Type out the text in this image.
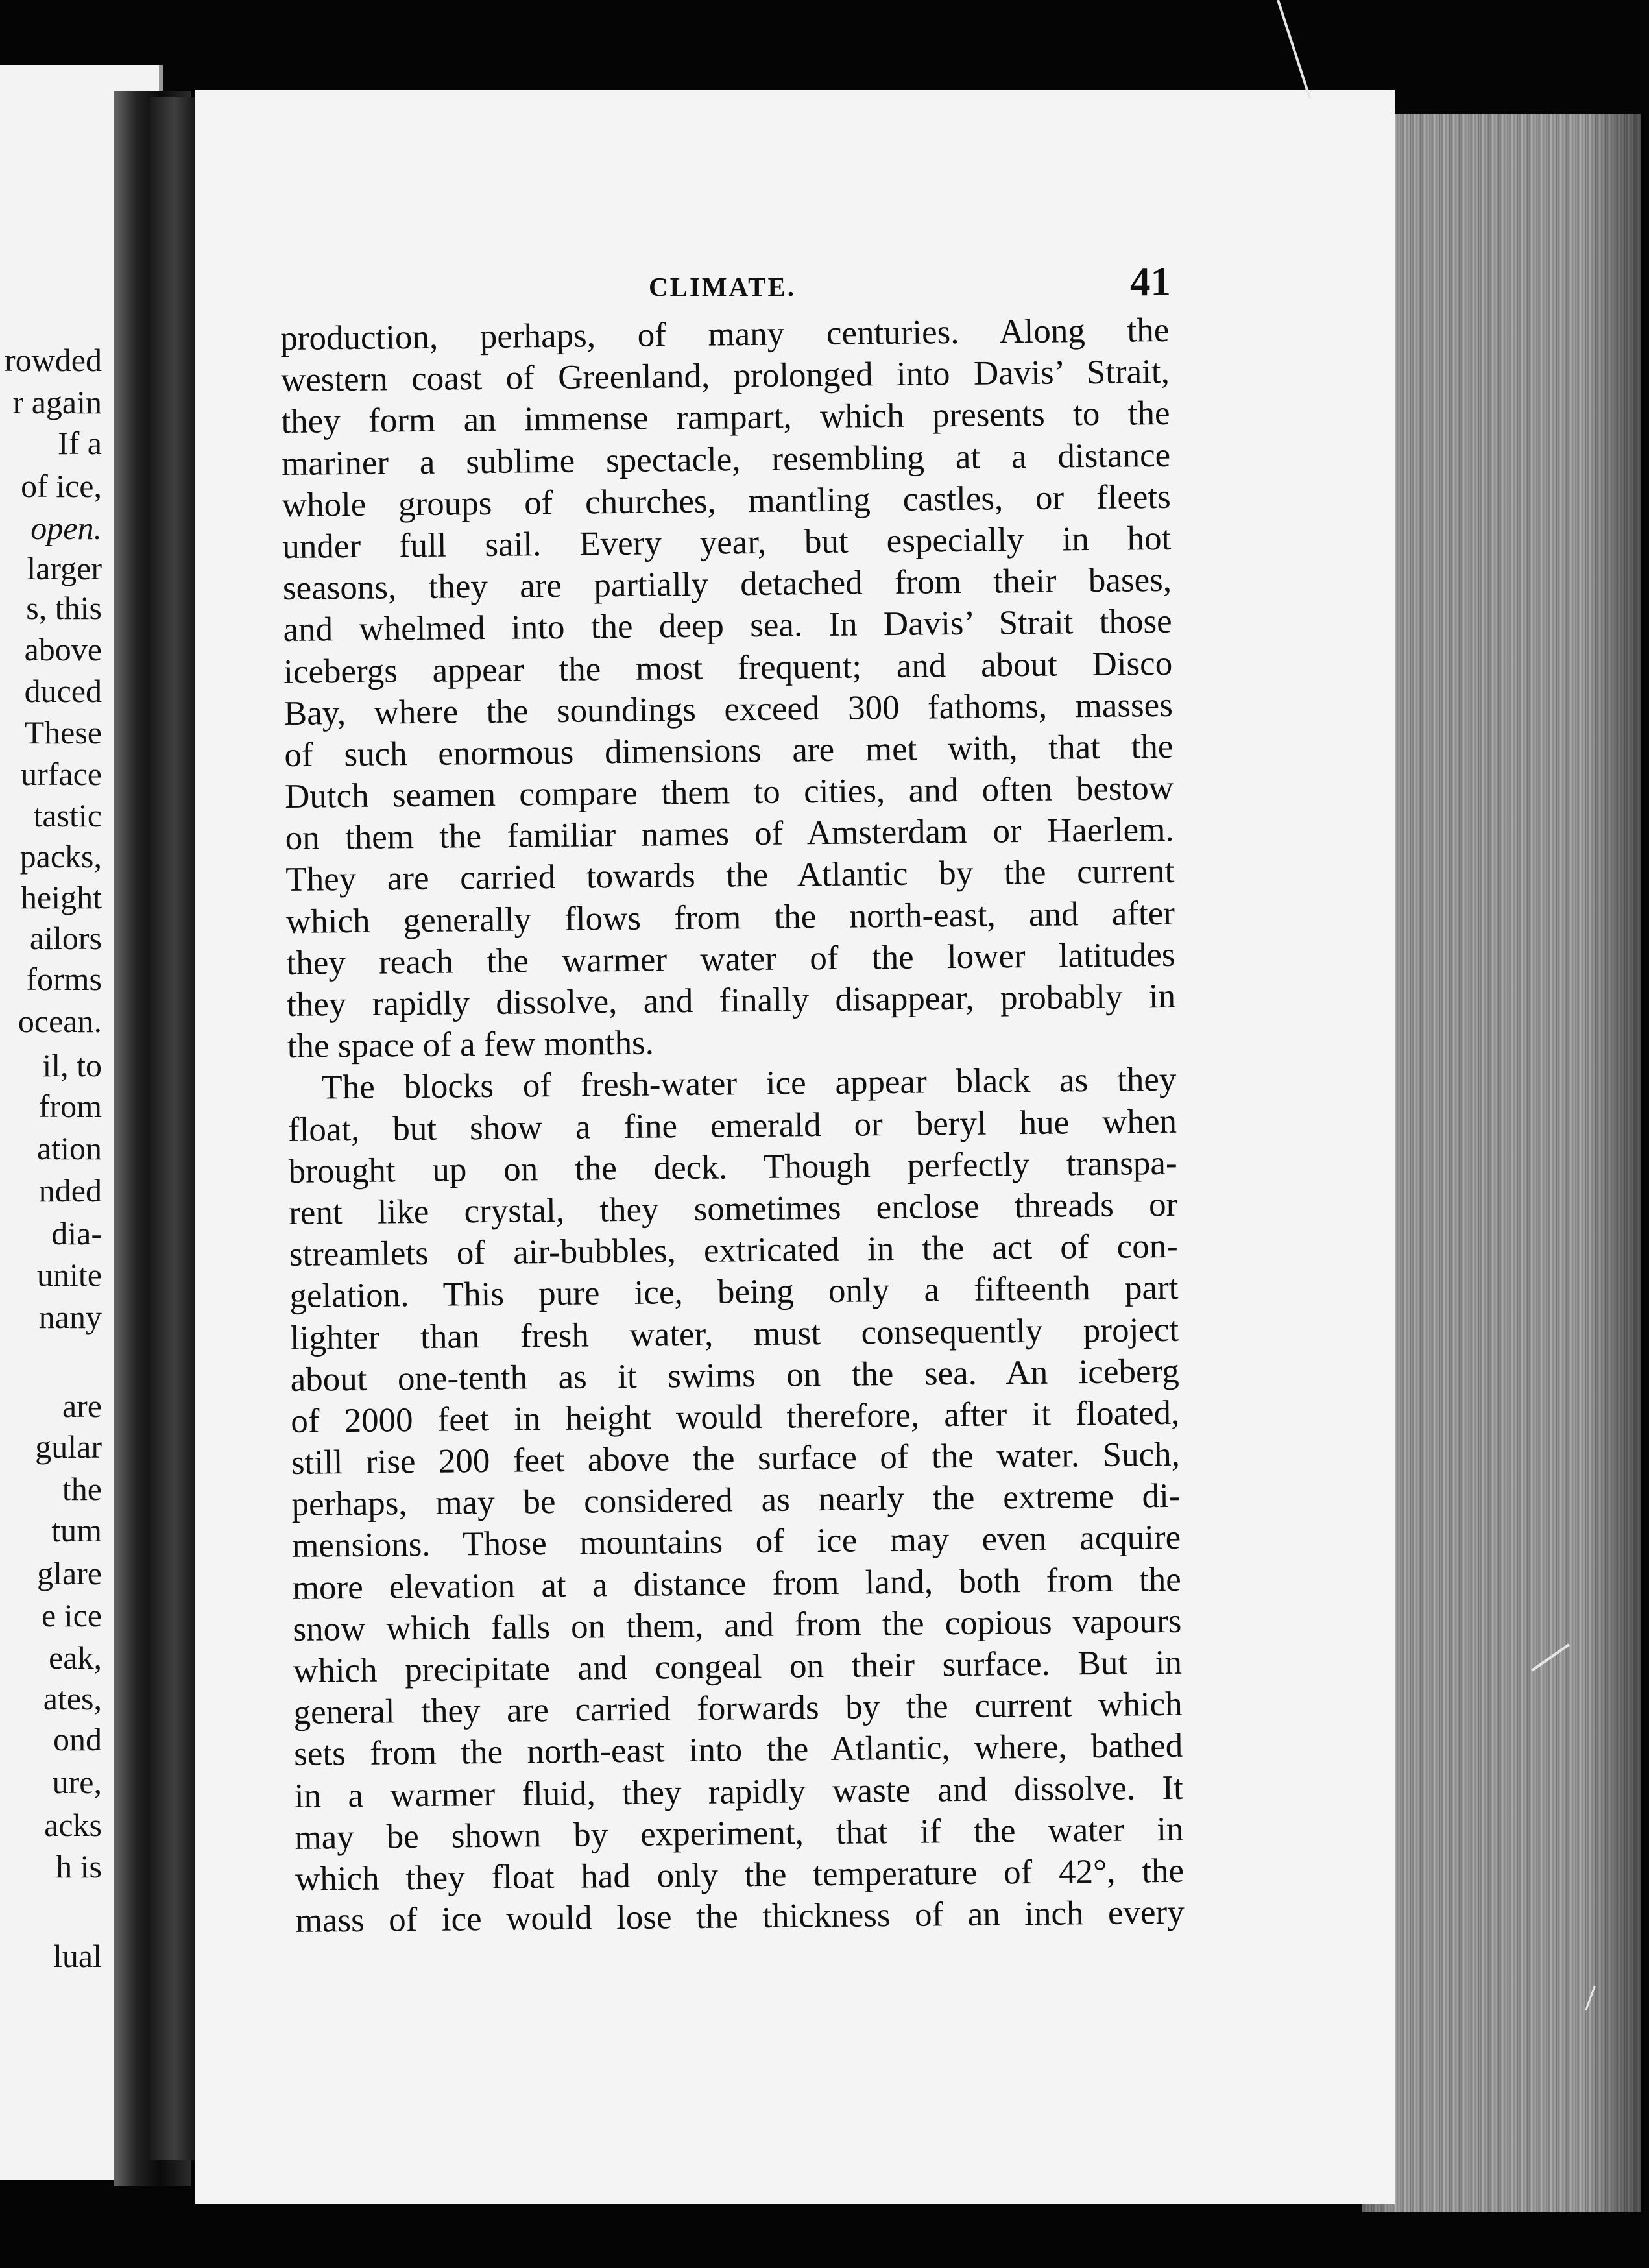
rowded
r again
If a
of ice,
open.
larger
s, this
above
duced
These
urface
tastic
packs,
height
ailors
forms
ocean.
il, to
from
ation
nded
dia-
unite
nany
are
gular
the
tum
glare
e ice
eak,
ates,
ond
ure,
acks
h is
lual
CLIMATE.	41
production, perhaps, of many centuries. Along the
western coast of Greenland, prolonged into Davis’ Strait,
they form an immense rampart, which presents to the
mariner a sublime spectacle, resembling at a distance
whole groups of churches, mantling castles, or fleets
under full sail. Every year, but especially in hot
seasons, they are partially detached from their bases,
and whelmed into the deep sea. In Davis’ Strait those
icebergs appear the most frequent; and about Disco
Bay, where the soundings exceed 300 fathoms, masses
of such enormous dimensions are met with, that the
Dutch seamen compare them to cities, and often bestow
on them the familiar names of Amsterdam or Haerlem.
They are carried towards the Atlantic by the current
which generally flows from the north-east, and after
they reach the warmer water of the lower latitudes
they rapidly dissolve, and finally disappear, probably in
the space of a few months.
The blocks of fresh-water ice appear black as they
float, but show a fine emerald or beryl hue when
brought up on the deck. Though perfectly transpa-
rent like crystal, they sometimes enclose threads or
streamlets of air-bubbles, extricated in the act of con-
gelation. This pure ice, being only a fifteenth part
lighter than fresh water, must consequently project
about one-tenth as it swims on the sea. An iceberg
of 2000 feet in height would therefore, after it floated,
still rise 200 feet above the surface of the water. Such,
perhaps, may be considered as nearly the extreme di-
mensions. Those mountains of ice may even acquire
more elevation at a distance from land, both from the
snow which falls on them, and from the copious vapours
which precipitate and congeal on their surface. But in
general they are carried forwards by the current which
sets from the north-east into the Atlantic, where, bathed
in a warmer fluid, they rapidly waste and dissolve. It
may be shown by experiment, that if the water in
which they float had only the temperature of 42°, the
mass of ice would lose the thickness of an inch every
